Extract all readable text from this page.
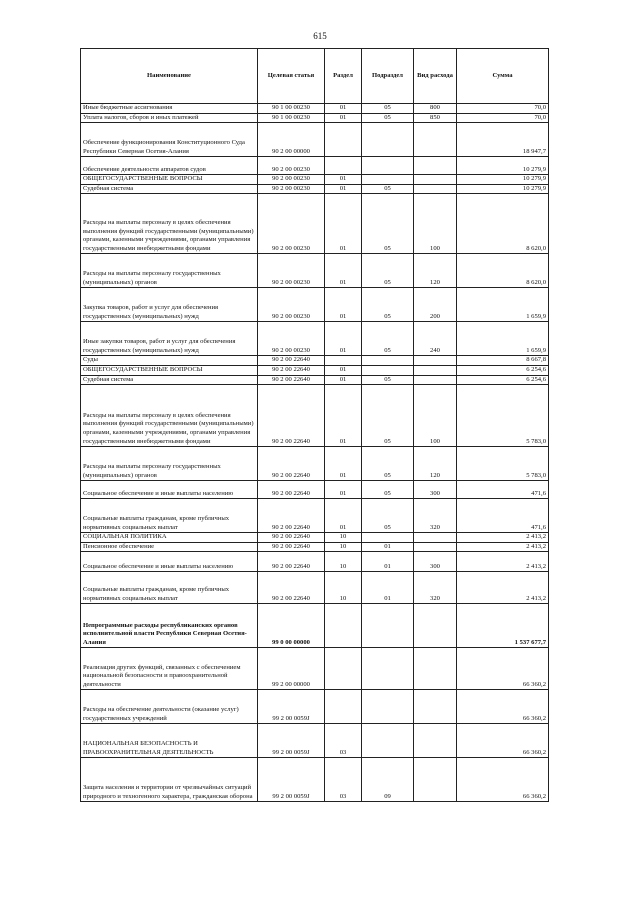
615
Наименование	Целевая статья	Раздел	Подраздел	Вид расхода	Сумма
Иные бюджетные ассигнования	90 1 00 00230	01	05	800	70,0
Уплата налогов, сборов и иных платежей	90 1 00 00230	01	05	850	70,0
Обеспечение функционирования Конституционного Суда Республики Северная Осетия-Алания	90 2 00 00000				18 947,7
Обеспечение деятельности аппаратов судов	90 2 00 00230				10 279,9
ОБЩЕГОСУДАРСТВЕННЫЕ ВОПРОСЫ	90 2 00 00230	01			10 279,9
Судебная система	90 2 00 00230	01	05		10 279,9
Расходы на выплаты персоналу в целях обеспечения выполнения функций государственными (муниципальными) органами, казенными учреждениями, органами управления государственными внебюджетными фондами	90 2 00 00230	01	05	100	8 620,0
Расходы на выплаты персоналу государственных (муниципальных) органов	90 2 00 00230	01	05	120	8 620,0
Закупка товаров, работ и услуг для обеспечения государственных (муниципальных) нужд	90 2 00 00230	01	05	200	1 659,9
Иные закупки товаров, работ и услуг для обеспечения государственных (муниципальных) нужд	90 2 00 00230	01	05	240	1 659,9
Суды	90 2 00 22640				8 667,8
ОБЩЕГОСУДАРСТВЕННЫЕ ВОПРОСЫ	90 2 00 22640	01			6 254,6
Судебная система	90 2 00 22640	01	05		6 254,6
Расходы на выплаты персоналу в целях обеспечения выполнения функций государственными (муниципальными) органами, казенными учреждениями, органами управления государственными внебюджетными фондами	90 2 00 22640	01	05	100	5 783,0
Расходы на выплаты персоналу государственных (муниципальных) органов	90 2 00 22640	01	05	120	5 783,0
Социальное обеспечение и иные выплаты населению	90 2 00 22640	01	05	300	471,6
Социальные выплаты гражданам, кроме публичных нормативных социальных выплат	90 2 00 22640	01	05	320	471,6
СОЦИАЛЬНАЯ ПОЛИТИКА	90 2 00 22640	10			2 413,2
Пенсионное обеспечение	90 2 00 22640	10	01		2 413,2
Социальное обеспечение и иные выплаты населению	90 2 00 22640	10	01	300	2 413,2
Социальные выплаты гражданам, кроме публичных нормативных социальных выплат	90 2 00 22640	10	01	320	2 413,2
Непрограммные расходы республиканских органов исполнительной власти Республики Северная Осетия-Алания	99 0 00 00000				1 537 677,7
Реализация других функций, связанных с обеспечением национальной безопасности и правоохранительной деятельности	99 2 00 00000				66 360,2
Расходы на обеспечение деятельности (оказание услуг) государственных учреждений	99 2 00 0059J				66 360,2
НАЦИОНАЛЬНАЯ БЕЗОПАСНОСТЬ И ПРАВООХРАНИТЕЛЬНАЯ ДЕЯТЕЛЬНОСТЬ	99 2 00 0059J	03			66 360,2
Защита населения и территории от чрезвычайных ситуаций природного и техногенного характера, гражданская оборона	99 2 00 0059J	03	09		66 360,2
